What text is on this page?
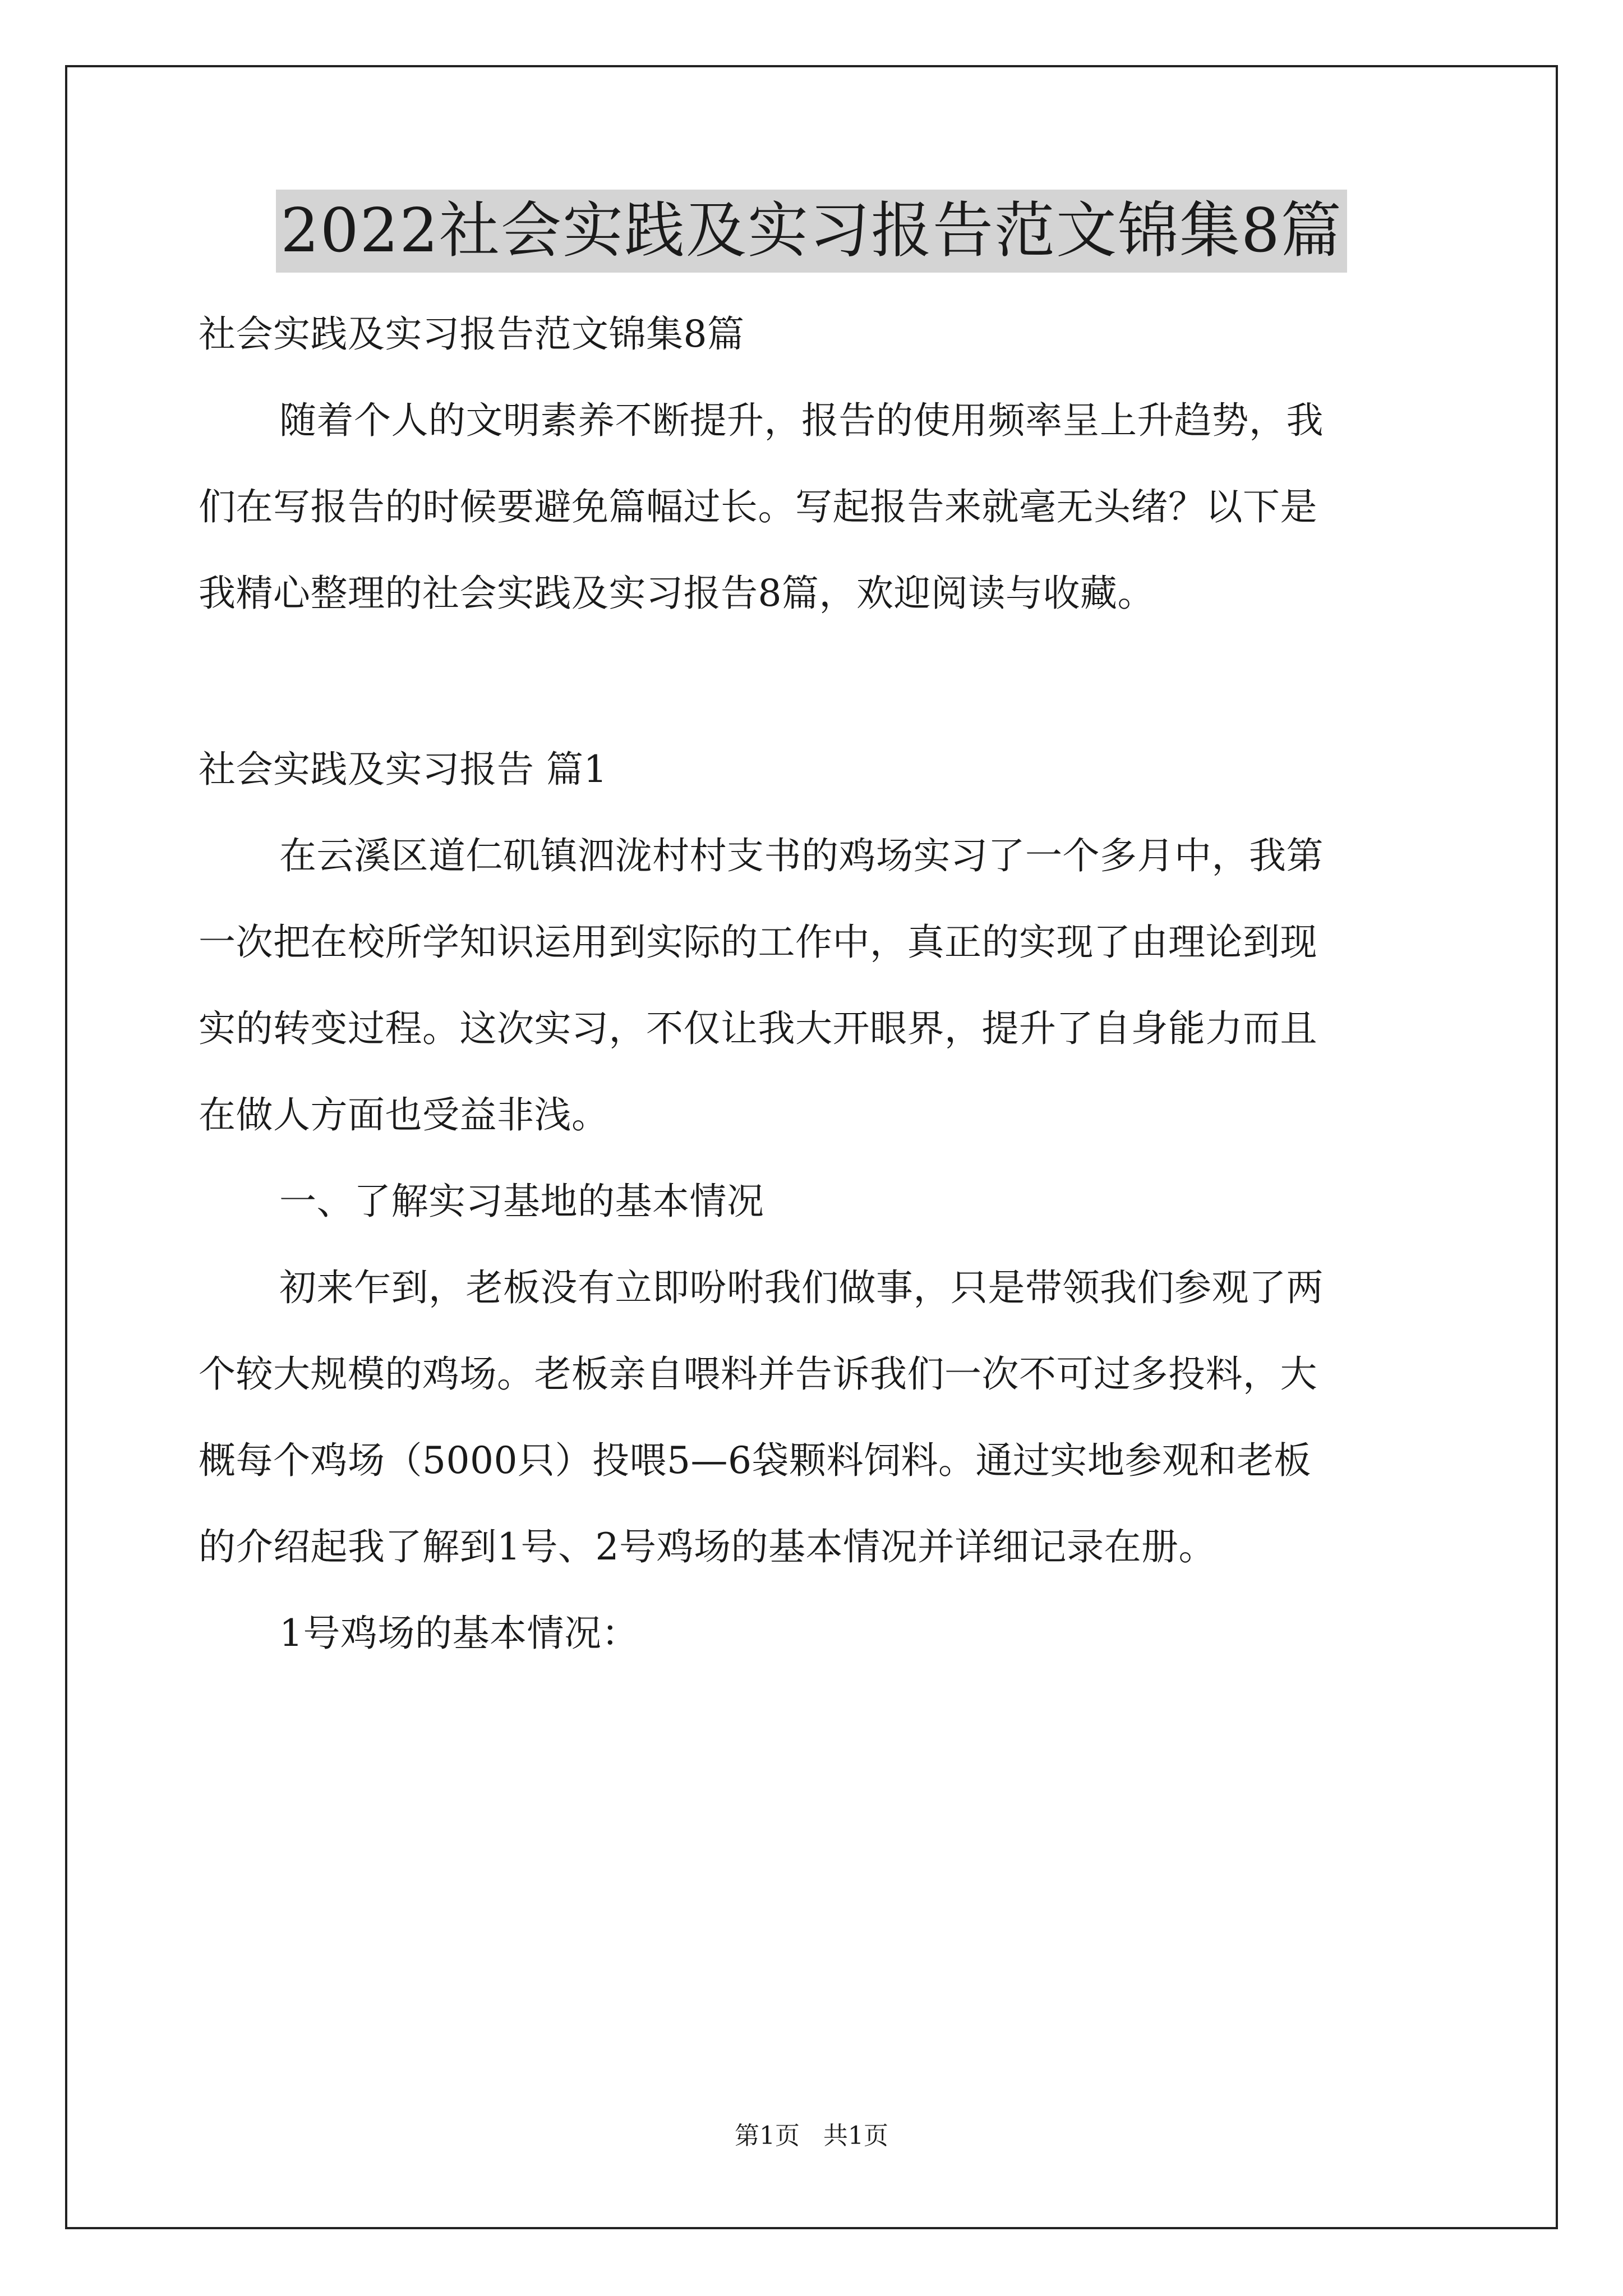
2022社会实践及实习报告范文锦集8篇
社会实践及实习报告范文锦集8篇
随着个人的文明素养不断提升，报告的使用频率呈上升趋势，我
们在写报告的时候要避免篇幅过长。写起报告来就毫无头绪？以下是
我精心整理的社会实践及实习报告8篇，欢迎阅读与收藏。
社会实践及实习报告 篇1
在云溪区道仁矶镇泗泷村村支书的鸡场实习了一个多月中，我第
一次把在校所学知识运用到实际的工作中，真正的实现了由理论到现
实的转变过程。这次实习，不仅让我大开眼界，提升了自身能力而且
在做人方面也受益非浅。
一、了解实习基地的基本情况
初来乍到，老板没有立即吩咐我们做事，只是带领我们参观了两
个较大规模的鸡场。老板亲自喂料并告诉我们一次不可过多投料，大
概每个鸡场（5000只）投喂5—6袋颗料饲料。通过实地参观和老板
的介绍起我了解到1号、2号鸡场的基本情况并详细记录在册。
1号鸡场的基本情况：
第1页 共1页
